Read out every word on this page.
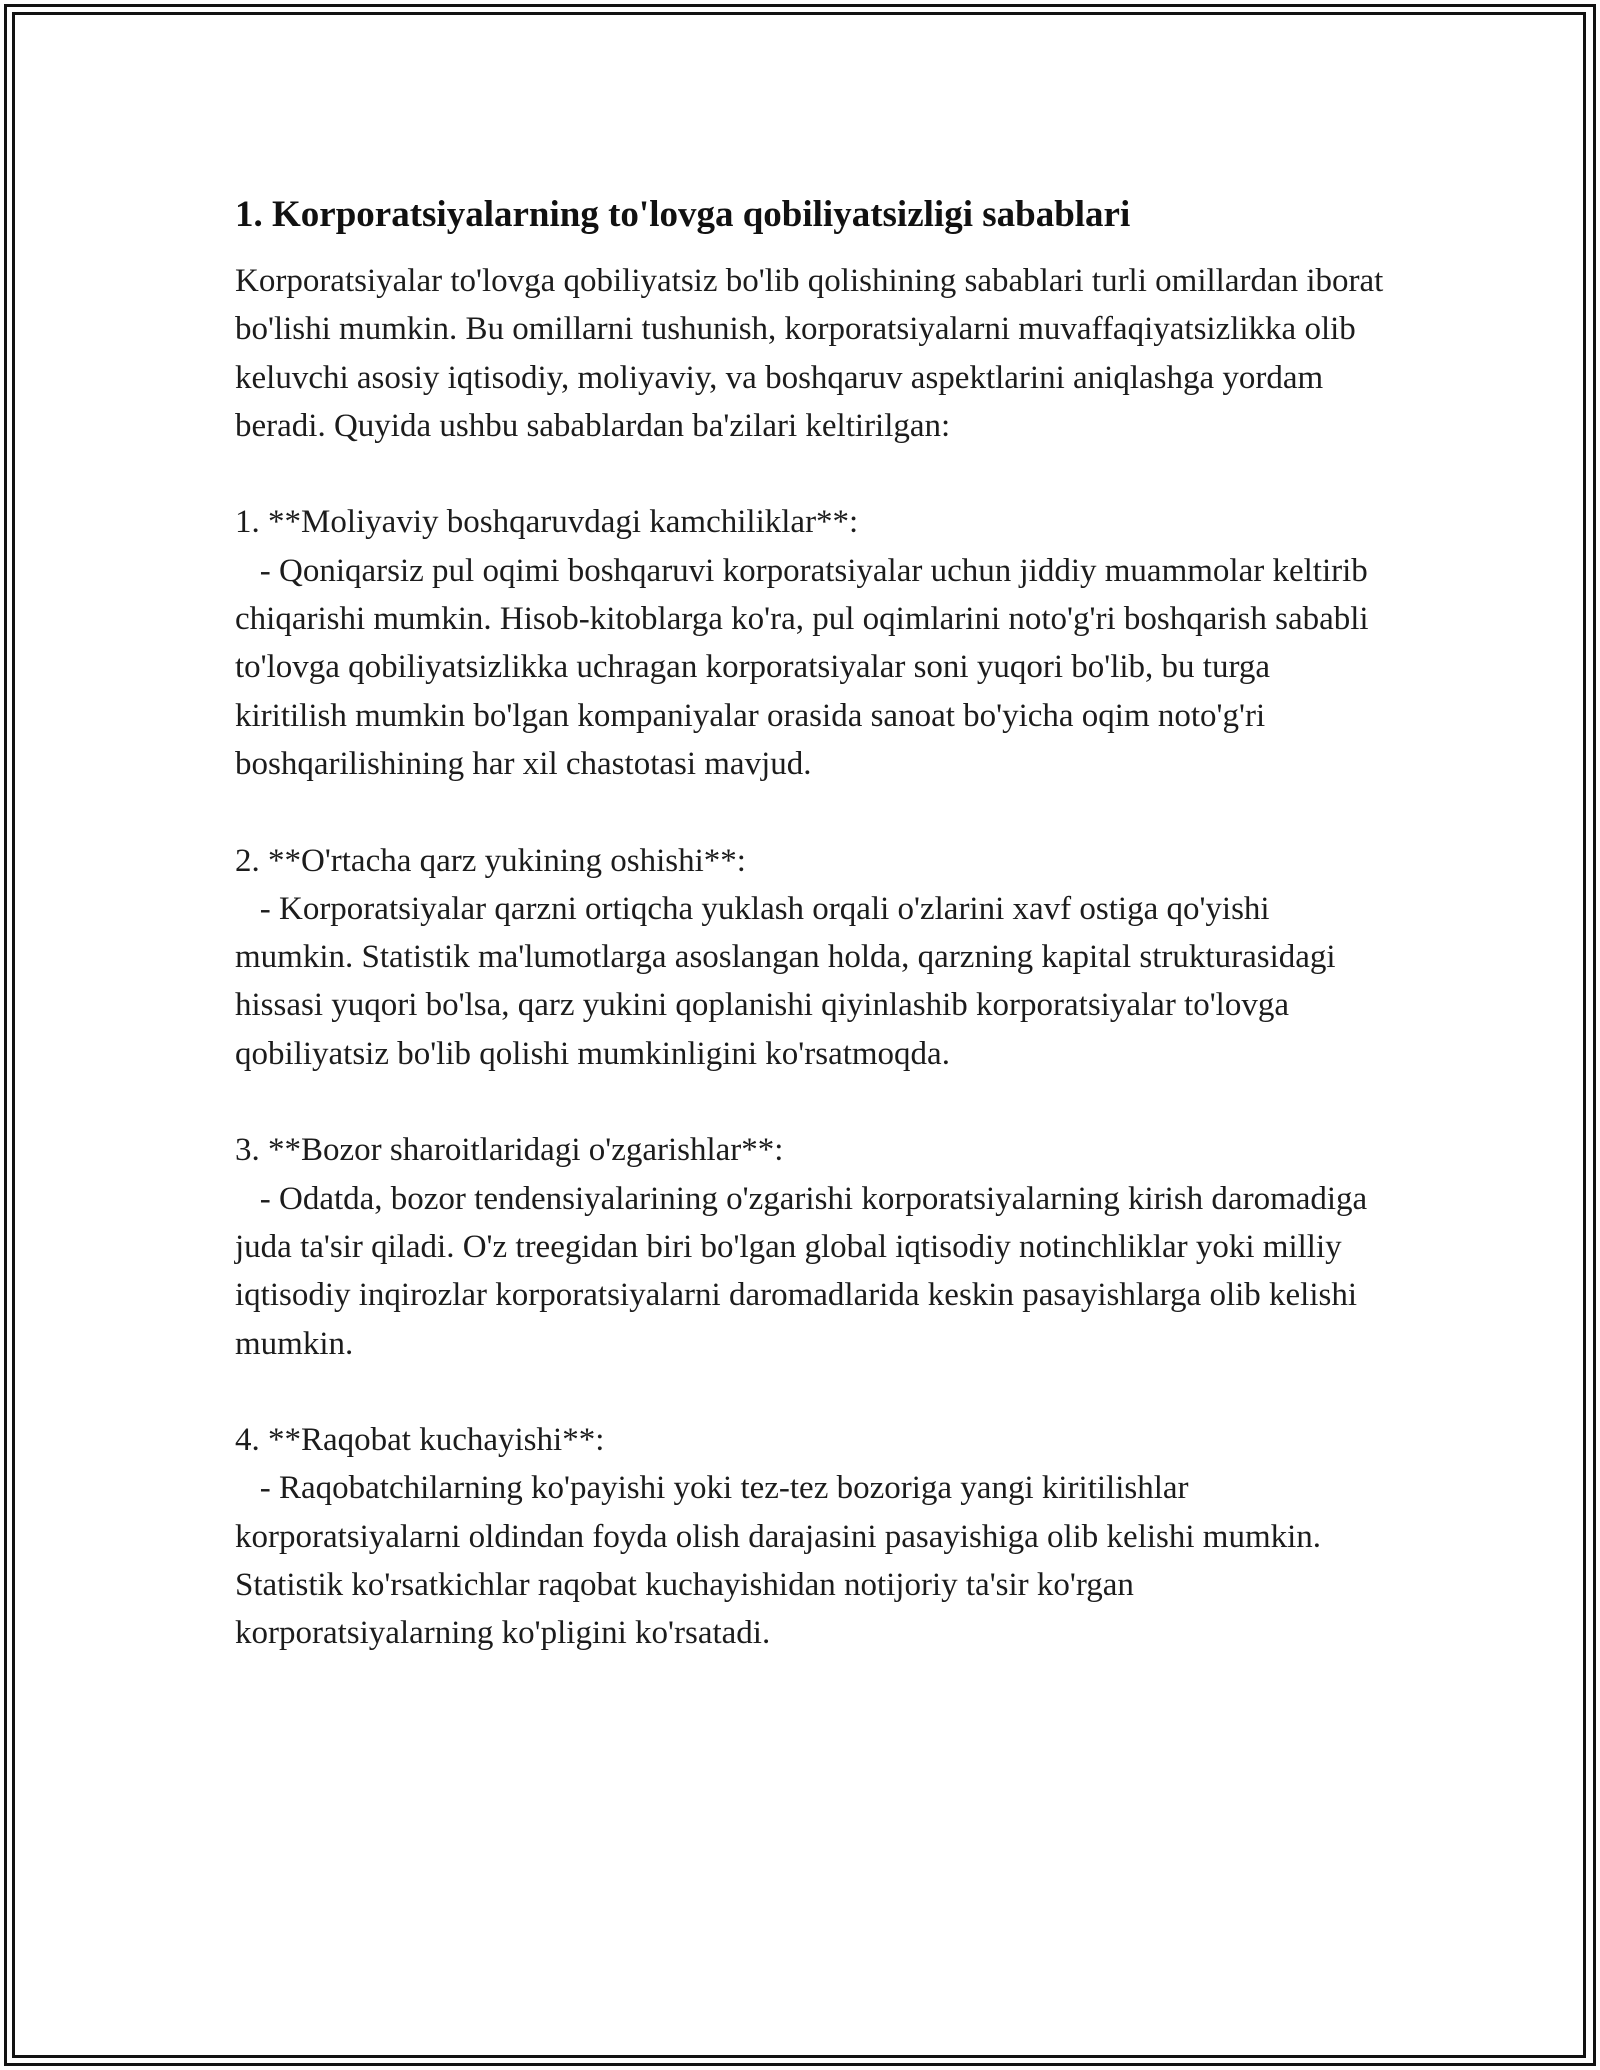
1. Korporatsiyalarning to'lovga qobiliyatsizligi sabablari

Korporatsiyalar to'lovga qobiliyatsiz bo'lib qolishining sabablari turli omillardan iborat bo'lishi mumkin. Bu omillarni tushunish, korporatsiyalarni muvaffaqiyatsizlikka olib keluvchi asosiy iqtisodiy, moliyaviy, va boshqaruv aspektlarini aniqlashga yordam beradi. Quyida ushbu sabablardan ba'zilari keltirilgan:

1. **Moliyaviy boshqaruvdagi kamchiliklar**:

- Qoniqarsiz pul oqimi boshqaruvi korporatsiyalar uchun jiddiy muammolar keltirib chiqarishi mumkin. Hisob-kitoblarga ko'ra, pul oqimlarini noto'g'ri boshqarish sababli to'lovga qobiliyatsizlikka uchragan korporatsiyalar soni yuqori bo'lib, bu turga kiritilish mumkin bo'lgan kompaniyalar orasida sanoat bo'yicha oqim noto'g'ri boshqarilishining har xil chastotasi mavjud.

2. **O'rtacha qarz yukining oshishi**:

- Korporatsiyalar qarzni ortiqcha yuklash orqali o'zlarini xavf ostiga qo'yishi mumkin. Statistik ma'lumotlarga asoslangan holda, qarzning kapital strukturasidagi hissasi yuqori bo'lsa, qarz yukini qoplanishi qiyinlashib korporatsiyalar to'lovga qobiliyatsiz bo'lib qolishi mumkinligini ko'rsatmoqda.

3. **Bozor sharoitlaridagi o'zgarishlar**:

- Odatda, bozor tendensiyalarining o'zgarishi korporatsiyalarning kirish daromadiga juda ta'sir qiladi. O'z treegidan biri bo'lgan global iqtisodiy notinchliklar yoki milliy iqtisodiy inqirozlar korporatsiyalarni daromadlarida keskin pasayishlarga olib kelishi mumkin.

4. **Raqobat kuchayishi**:

- Raqobatchilarning ko'payishi yoki tez-tez bozoriga yangi kiritilishlar korporatsiyalarni oldindan foyda olish darajasini pasayishiga olib kelishi mumkin. Statistik ko'rsatkichlar raqobat kuchayishidan notijoriy ta'sir ko'rgan korporatsiyalarning ko'pligini ko'rsatadi.
